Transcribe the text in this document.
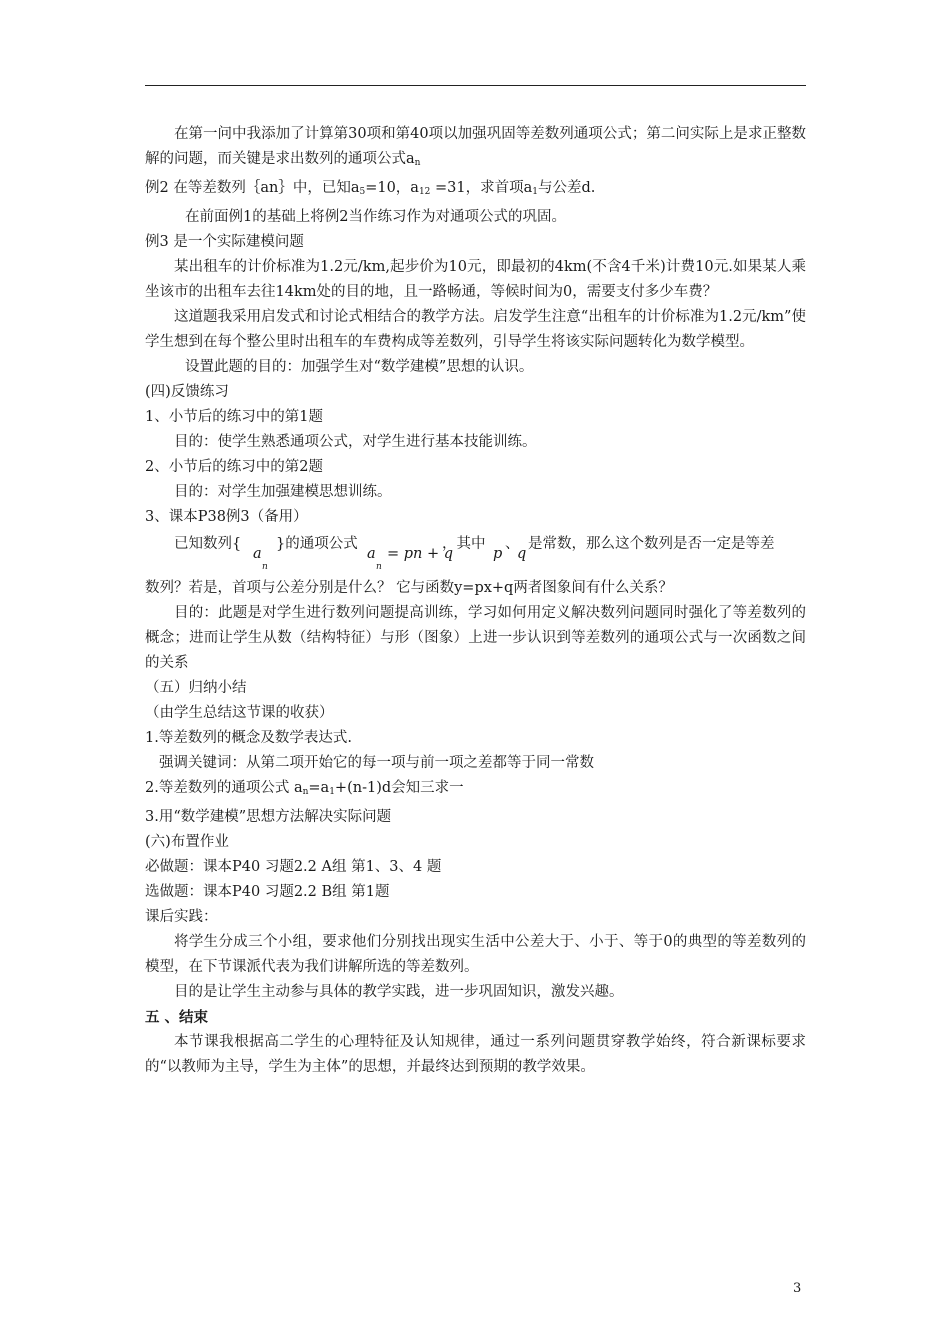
在第一问中我添加了计算第30项和第40项以加强巩固等差数列通项公式；第二问实际上是求正整数解的问题，而关键是求出数列的通项公式$a_n$

例2 在等差数列｛an｝中，已知$a_5=10$，$a_{12} =31$，求首项$a_1$与公差d.

在前面例1的基础上将例2当作练习作为对通项公式的巩固。

例3 是一个实际建模问题

某出租车的计价标准为1.2元/km,起步价为10元，即最初的4km(不含4千米)计费10元.如果某人乘坐该市的出租车去往14km处的目的地，且一路畅通，等候时间为0，需要支付多少车费？

这道题我采用启发式和讨论式相结合的教学方法。启发学生注意“出租车的计价标准为1.2元/km”使学生想到在每个整公里时出租车的车费构成等差数列，引导学生将该实际问题转化为数学模型。

设置此题的目的：加强学生对“数学建模”思想的认识。

(四)反馈练习

1、小节后的练习中的第1题

目的：使学生熟悉通项公式，对学生进行基本技能训练。

2、小节后的练习中的第2题

目的：对学生加强建模思想训练。

3、课本P38例3（备用）

已知数列{
a
n
}的通项公式
a
n
= pn + q
，其中
p
、
q
是常数，那么这个数列是否一定是等差

数列？若是，首项与公差分别是什么？ 它与函数y=px+q两者图象间有什么关系？

目的：此题是对学生进行数列问题提高训练，学习如何用定义解决数列问题同时强化了等差数列的概念；进而让学生从数（结构特征）与形（图象）上进一步认识到等差数列的通项公式与一次函数之间的关系

（五）归纳小结

（由学生总结这节课的收获）

1.等差数列的概念及数学表达式.

强调关键词：从第二项开始它的每一项与前一项之差都等于同一常数

2.等差数列的通项公式 $a_n=a_1+(n-1)d$会知三求一

3.用“数学建模”思想方法解决实际问题

(六)布置作业

必做题：课本P40 习题2.2 A组 第1、3、4 题

选做题：课本P40 习题2.2 B组 第1题

课后实践：

将学生分成三个小组，要求他们分别找出现实生活中公差大于、小于、等于0的典型的等差数列的模型，在下节课派代表为我们讲解所选的等差数列。

目的是让学生主动参与具体的教学实践，进一步巩固知识，激发兴趣。

五 、结束

本节课我根据高二学生的心理特征及认知规律，通过一系列问题贯穿教学始终，符合新课标要求的“以教师为主导，学生为主体”的思想，并最终达到预期的教学效果。

3
